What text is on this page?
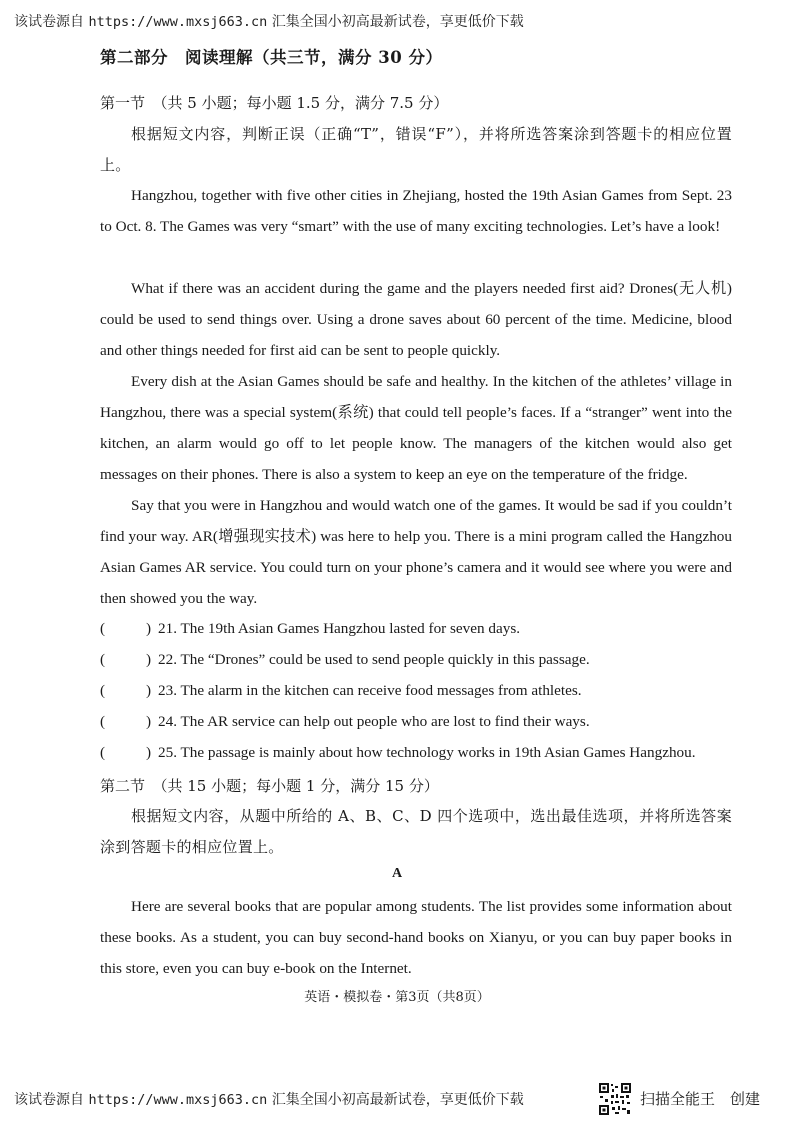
该试卷源自 https://www.mxsj663.cn 汇集全国小初高最新试卷，享更低价下载
第二部分　阅读理解（共三节，满分 30 分）
第一节　（共 5 小题；每小题 1.5 分，满分 7.5 分）

根据短文内容，判断正误（正确“T”，错误“F”），并将所选答案涂到答题卡的相应位置上。

Hangzhou, together with five other cities in Zhejiang, hosted the 19th Asian Games from Sept. 23 to Oct. 8. The Games was very “smart” with the use of many exciting technologies. Let’s have a look!

What if there was an accident during the game and the players needed first aid? Drones(无人机) could be used to send things over. Using a drone saves about 60 percent of the time. Medicine, blood and other things needed for first aid can be sent to people quickly.

Every dish at the Asian Games should be safe and healthy. In the kitchen of the athletes’ village in Hangzhou, there was a special system(系统) that could tell people’s faces. If a “stranger” went into the kitchen, an alarm would go off to let people know. The managers of the kitchen would also get messages on their phones. There is also a system to keep an eye on the temperature of the fridge.

Say that you were in Hangzhou and would watch one of the games. It would be sad if you couldn’t find your way. AR(增强现实技术) was here to help you. There is a mini program called the Hangzhou Asian Games AR service. You could turn on your phone’s camera and it would see where you were and then showed you the way.

(	) 21. The 19th Asian Games Hangzhou lasted for seven days.
(	) 22. The “Drones” could be used to send people quickly in this passage.
(	) 23. The alarm in the kitchen can receive food messages from athletes.
(	) 24. The AR service can help out people who are lost to find their ways.
(	) 25. The passage is mainly about how technology works in 19th Asian Games Hangzhou.
第二节　（共 15 小题；每小题 1 分，满分 15 分）

根据短文内容，从题中所给的 A、B、C、D 四个选项中，选出最佳选项，并将所选答案涂到答题卡的相应位置上。

A

Here are several books that are popular among students. The list provides some information about these books. As a student, you can buy second-hand books on Xianyu, or you can buy paper books in this store, even you can buy e-book on the Internet.

英语・模拟卷・第3页（共8页）
该试卷源自 https://www.mxsj663.cn 汇集全国小初高最新试卷，享更低价下载	扫描全能王　创建
